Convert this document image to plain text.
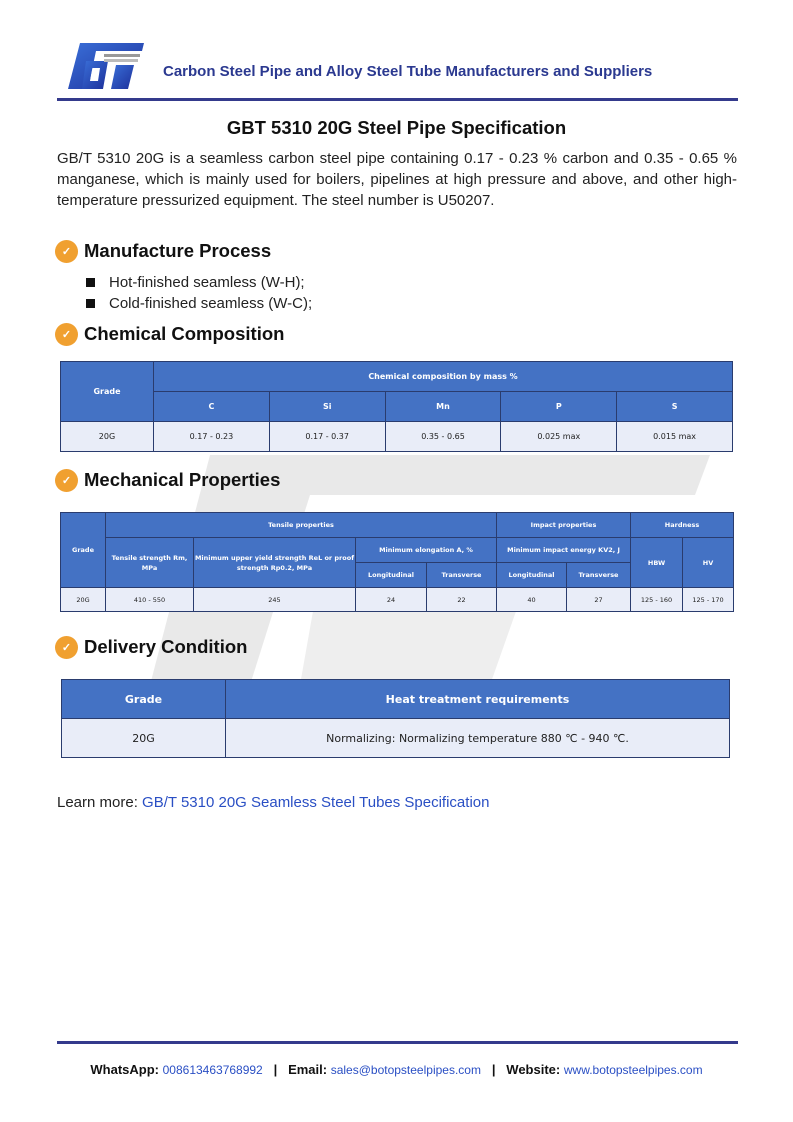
Carbon Steel Pipe and Alloy Steel Tube Manufacturers and Suppliers
GBT 5310 20G Steel Pipe Specification
GB/T 5310 20G is a seamless carbon steel pipe containing 0.17 - 0.23 % carbon and 0.35 - 0.65 % manganese, which is mainly used for boilers, pipelines at high pressure and above, and other high-temperature pressurized equipment. The steel number is U50207.
✓ Manufacture Process
Hot-finished seamless (W-H);
Cold-finished seamless (W-C);
✓ Chemical Composition
Grade	Chemical composition by mass %				
	C	Si	Mn	P	S
20G	0.17 - 0.23	0.17 - 0.37	0.35 - 0.65	0.025 max	0.015 max
✓ Mechanical Properties
Grade	Tensile properties				Impact properties		Hardness	
	Tensile strength Rm, MPa	Minimum upper yield strength ReL or proof strength Rp0.2, MPa	Minimum elongation A, %		Minimum impact energy KV2, J		HBW	HV
			Longitudinal	Transverse	Longitudinal	Transverse		
20G	410 - 550	245	24	22	40	27	125 - 160	125 - 170
✓ Delivery Condition
Grade	Heat treatment requirements
20G	Normalizing: Normalizing temperature 880 ℃ - 940 ℃.
Learn more: GB/T 5310 20G Seamless Steel Tubes Specification
WhatsApp: 008613463768992 | Email: sales@botopsteelpipes.com | Website: www.botopsteelpipes.com
